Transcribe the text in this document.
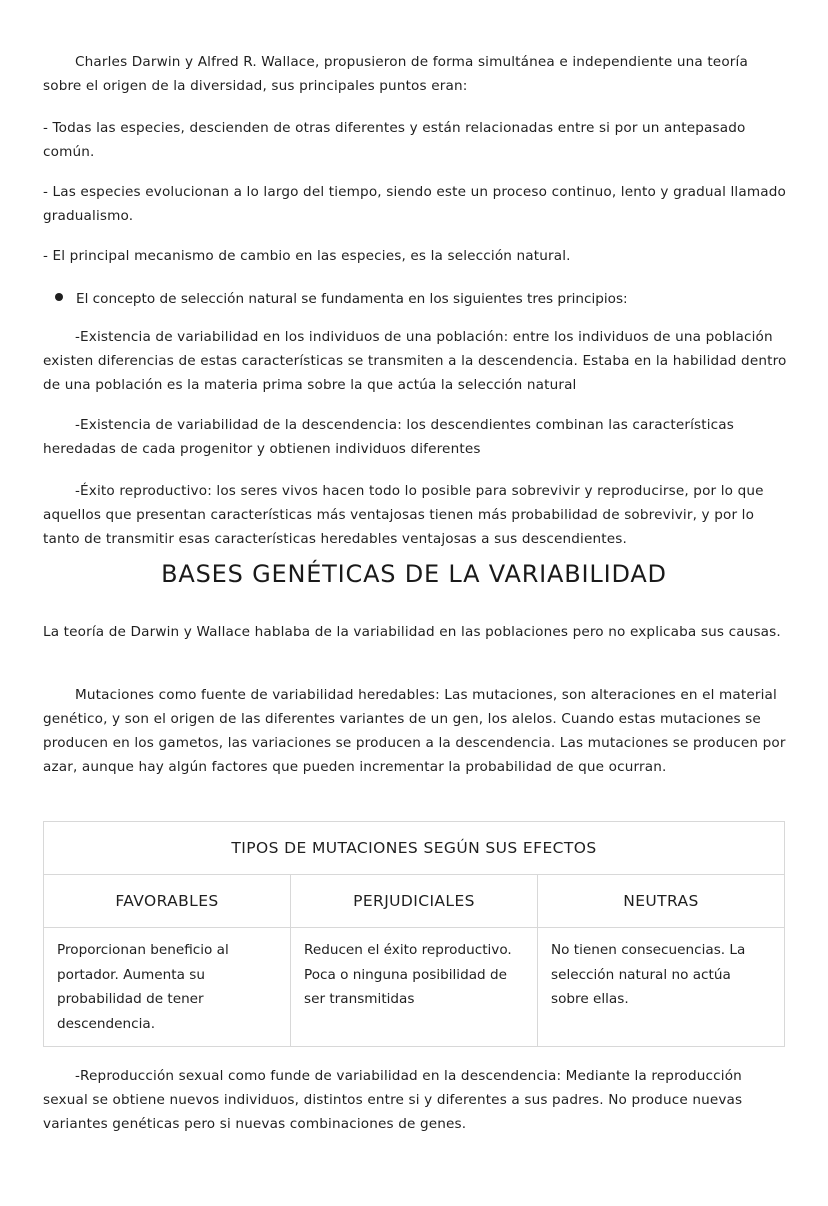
Charles Darwin y Alfred R. Wallace, propusieron de forma simultánea e independiente una teoría sobre el origen de la diversidad, sus principales puntos eran:

- Todas las especies, descienden de otras diferentes y están relacionadas entre si por un antepasado común.

- Las especies evolucionan a lo largo del tiempo, siendo este un proceso continuo, lento y gradual llamado gradualismo.

- El principal mecanismo de cambio en las especies, es la selección natural.

El concepto de selección natural se fundamenta en los siguientes tres principios:

-Existencia de variabilidad en los individuos de una población: entre los individuos de una población existen diferencias de estas características se transmiten a la descendencia. Estaba en la habilidad dentro de una población es la materia prima sobre la que actúa la selección natural

-Existencia de variabilidad de la descendencia: los descendientes combinan las características heredadas de cada progenitor y obtienen individuos diferentes

-Éxito reproductivo: los seres vivos hacen todo lo posible para sobrevivir y reproducirse, por lo que aquellos que presentan características más ventajosas tienen más probabilidad de sobrevivir, y por lo tanto de transmitir esas características heredables ventajosas a sus descendientes.

BASES GENÉTICAS DE LA VARIABILIDAD

La teoría de Darwin y Wallace hablaba de la variabilidad en las poblaciones pero no explicaba sus causas.

Mutaciones como fuente de variabilidad heredables: Las mutaciones, son alteraciones en el material genético, y son el origen de las diferentes variantes de un gen, los alelos. Cuando estas mutaciones se producen en los gametos, las variaciones se producen a la descendencia. Las mutaciones se producen por azar, aunque hay algún factores que pueden incrementar la probabilidad de que ocurran.

TIPOS DE MUTACIONES SEGÚN SUS EFECTOS		
FAVORABLES	PERJUDICIALES	NEUTRAS
Proporcionan beneficio al portador. Aumenta su probabilidad de tener descendencia.	Reducen el éxito reproductivo. Poca o ninguna posibilidad de ser transmitidas	No tienen consecuencias. La selección natural no actúa sobre ellas.

-Reproducción sexual como funde de variabilidad en la descendencia: Mediante la reproducción sexual se obtiene nuevos individuos, distintos entre si y diferentes a sus padres. No produce nuevas variantes genéticas pero si nuevas combinaciones de genes.
